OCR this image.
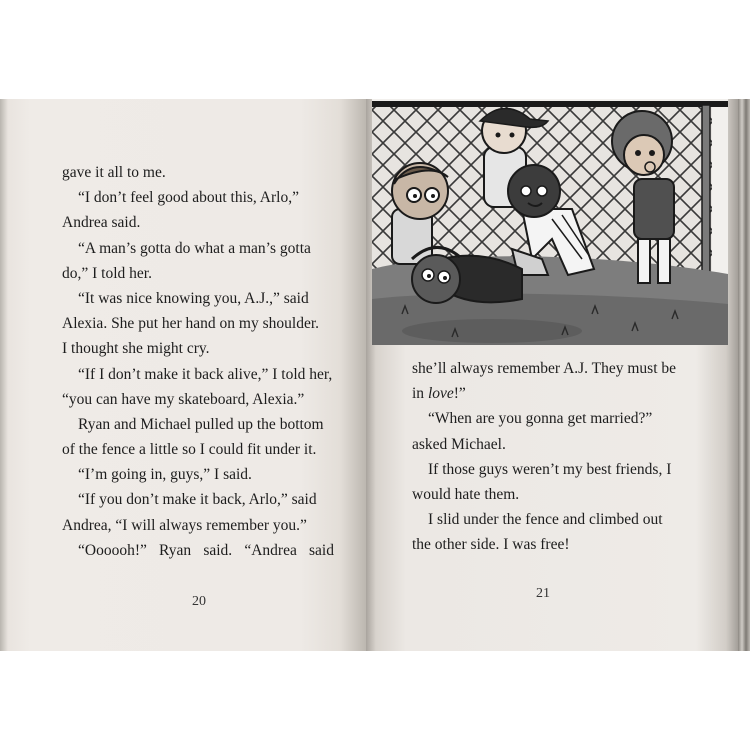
gave it all to me.
“I don’t feel good about this, Arlo,”
Andrea said.
“A man’s gotta do what a man’s gotta
do,” I told her.
“It was nice knowing you, A.J.,” said
Alexia. She put her hand on my shoulder.
I thought she might cry.
“If I don’t make it back alive,” I told her,
“you can have my skateboard, Alexia.”
Ryan and Michael pulled up the bottom
of the fence a little so I could fit under it.
“I’m going in, guys,” I said.
“If you don’t make it back, Arlo,” said
Andrea, “I will always remember you.”
“Oooooh!” Ryan said. “Andrea said
20
she’ll always remember A.J. They must be
in love!”
“When are you gonna get married?”
asked Michael.
If those guys weren’t my best friends, I
would hate them.
I slid under the fence and climbed out
the other side. I was free!
21
